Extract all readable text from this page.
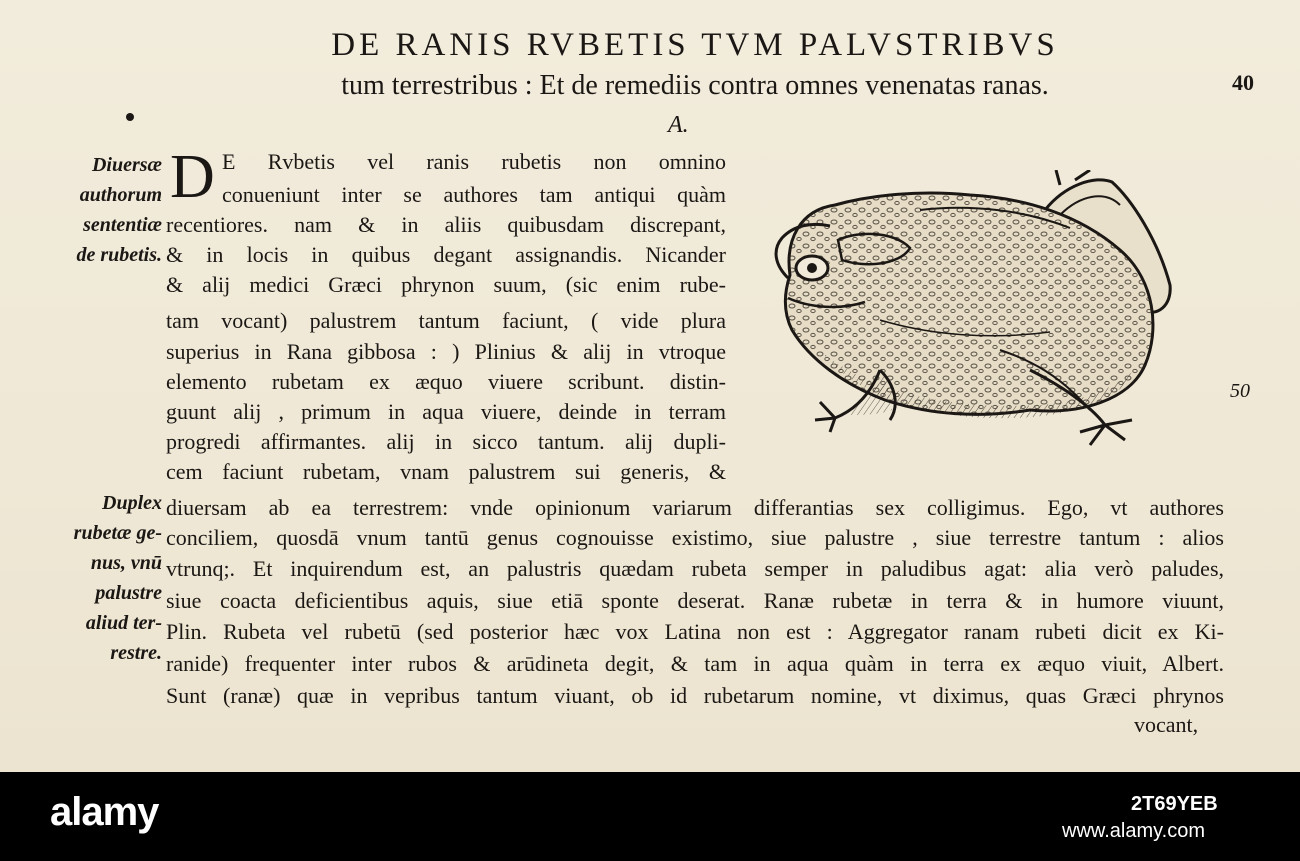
DE RANIS RVBETIS TVM PALVSTRIBVS
tum terrestribus : Et de remediis contra omnes venenatas ranas.	40
A.
Diuersæ
authorum
sententiæ
de rubetis.
Duplex
rubetæ ge-
nus, vnū
palustre
aliud ter-
restre.
D E Rvbetis vel ranis rubetis non omnino
conueniunt inter se authores tam antiqui quàm
recentiores. nam & in aliis quibusdam discrepant,
& in locis in quibus degant assignandis. Nicander
& alij medici Græci phrynon suum, (sic enim rube-
tam vocant) palustrem tantum faciunt, ( vide plura
superius in Rana gibbosa : ) Plinius & alij in vtroque
elemento rubetam ex æquo viuere scribunt. distin-
guunt alij , primum in aqua viuere, deinde in terram
progredi affirmantes. alij in sicco tantum. alij dupli-
cem faciunt rubetam, vnam palustrem sui generis, &
diuersam ab ea terrestrem: vnde opinionum variarum differantias sex colligimus. Ego, vt authores
conciliem, quosdā vnum tantū genus cognouisse existimo, siue palustre , siue terrestre tantum : alios
vtrunq;. Et inquirendum est, an palustris quædam rubeta semper in paludibus agat: alia verò paludes,
siue coacta deficientibus aquis, siue etiā sponte deserat. Ranæ rubetæ in terra & in humore viuunt,
Plin. Rubeta vel rubetū (sed posterior hæc vox Latina non est : Aggregator ranam rubeti dicit ex Ki-
ranide) frequenter inter rubos & arūdineta degit, & tam in aqua quàm in terra ex æquo viuit, Albert.
Sunt (ranæ) quæ in vepribus tantum viuant, ob id rubetarum nomine, vt diximus, quas Græci phrynos
vocant,
50
alamy	2T69YEB
www.alamy.com
